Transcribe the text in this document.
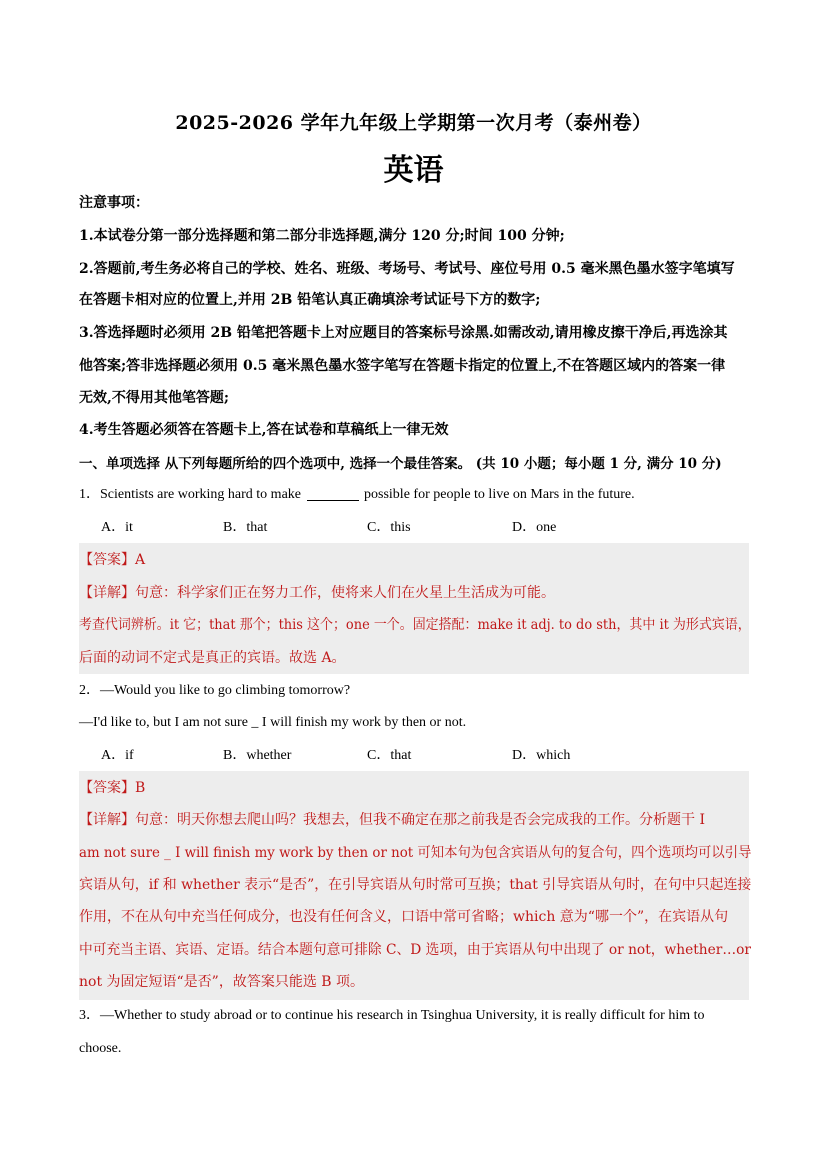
2025-2026 学年九年级上学期第一次月考（泰州卷）
英语
注意事项：
1.本试卷分第一部分选择题和第二部分非选择题,满分 120 分;时间 100 分钟;
2.答题前,考生务必将自己的学校、姓名、班级、考场号、考试号、座位号用 0.5 毫米黑色墨水签字笔填写
在答题卡相对应的位置上,并用 2B 铅笔认真正确填涂考试证号下方的数字;
3.答选择题时必须用 2B 铅笔把答题卡上对应题目的答案标号涂黑.如需改动,请用橡皮擦干净后,再选涂其
他答案;答非选择题必须用 0.5 毫米黑色墨水签字笔写在答题卡指定的位置上,不在答题区域内的答案一律
无效,不得用其他笔答题;
4.考生答题必须答在答题卡上,答在试卷和草稿纸上一律无效
一、单项选择 从下列每题所给的四个选项中, 选择一个最佳答案。 (共 10 小题；每小题 1 分, 满分 10 分)
1．Scientists are working hard to make	possible for people to live on Mars in the future.
A．it	B．that	C．this	D．one
【答案】A
【详解】句意：科学家们正在努力工作，使将来人们在火星上生活成为可能。
考查代词辨析。it 它；that 那个；this 这个；one 一个。固定搭配：make it adj. to do sth，其中 it 为形式宾语，
后面的动词不定式是真正的宾语。故选 A。
2．—Would you like to go climbing tomorrow?
—I'd like to, but I am not sure _ I will finish my work by then or not.
A．if	B．whether	C．that	D．which
【答案】B
【详解】句意：明天你想去爬山吗？我想去，但我不确定在那之前我是否会完成我的工作。分析题干 I
am not sure _ I will finish my work by then or not 可知本句为包含宾语从句的复合句，四个选项均可以引导
宾语从句，if 和 whether 表示“是否”，在引导宾语从句时常可互换；that 引导宾语从句时，在句中只起连接
作用，不在从句中充当任何成分，也没有任何含义，口语中常可省略；which 意为“哪一个”，在宾语从句
中可充当主语、宾语、定语。结合本题句意可排除 C、D 选项，由于宾语从句中出现了 or not，whether…or
not 为固定短语“是否”，故答案只能选 B 项。
3．—Whether to study abroad or to continue his research in Tsinghua University, it is really difficult for him to
choose.
